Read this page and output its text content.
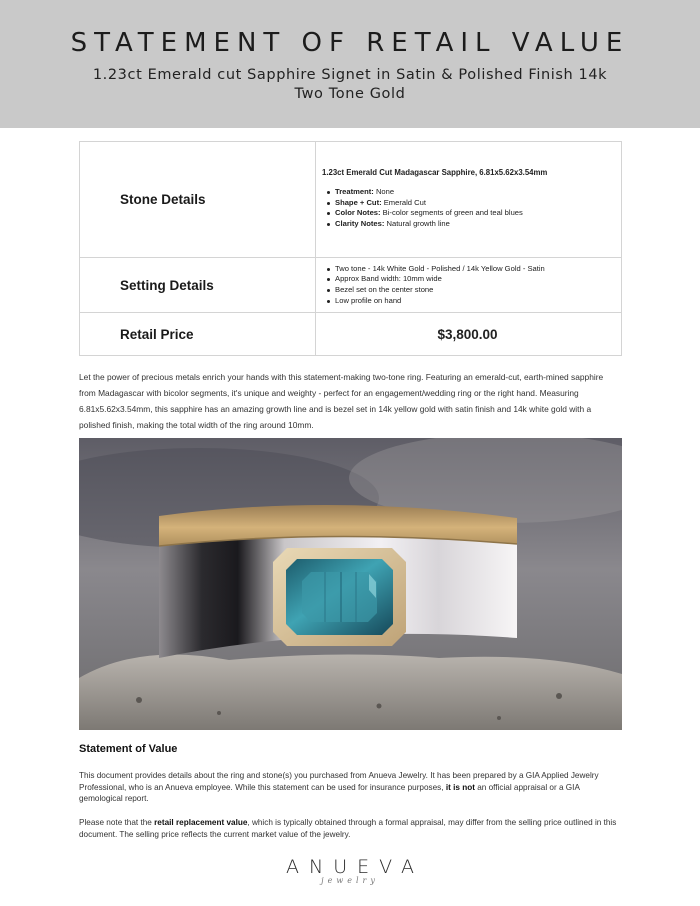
STATEMENT OF RETAIL VALUE
1.23ct Emerald cut Sapphire Signet in Satin & Polished Finish 14k Two Tone Gold
Stone Details
1.23ct Emerald Cut Madagascar Sapphire, 6.81x5.62x3.54mm
Treatment: None
Shape + Cut: Emerald Cut
Color Notes: Bi-color segments of green and teal blues
Clarity Notes: Natural growth line
Setting Details
Two tone - 14k White Gold - Polished / 14k Yellow Gold - Satin
Approx Band width: 10mm wide
Bezel set on the center stone
Low profile on hand
Retail Price	$3,800.00

Let the power of precious metals enrich your hands with this statement-making two-tone ring. Featuring an emerald-cut, earth-mined sapphire from Madagascar with bicolor segments, it's unique and weighty - perfect for an engagement/wedding ring or the right hand. Measuring 6.81x5.62x3.54mm, this sapphire has an amazing growth line and is bezel set in 14k yellow gold with satin finish and 14k white gold with a polished finish, making the total width of the ring around 10mm.

Statement of Value

This document provides details about the ring and stone(s) you purchased from Anueva Jewelry. It has been prepared by a GIA Applied Jewelry Professional, who is an Anueva employee. While this statement can be used for insurance purposes, it is not an official appraisal or a GIA gemological report.

Please note that the retail replacement value, which is typically obtained through a formal appraisal, may differ from the selling price outlined in this document. The selling price reflects the current market value of the jewelry.

ANUEVA
jewelry
